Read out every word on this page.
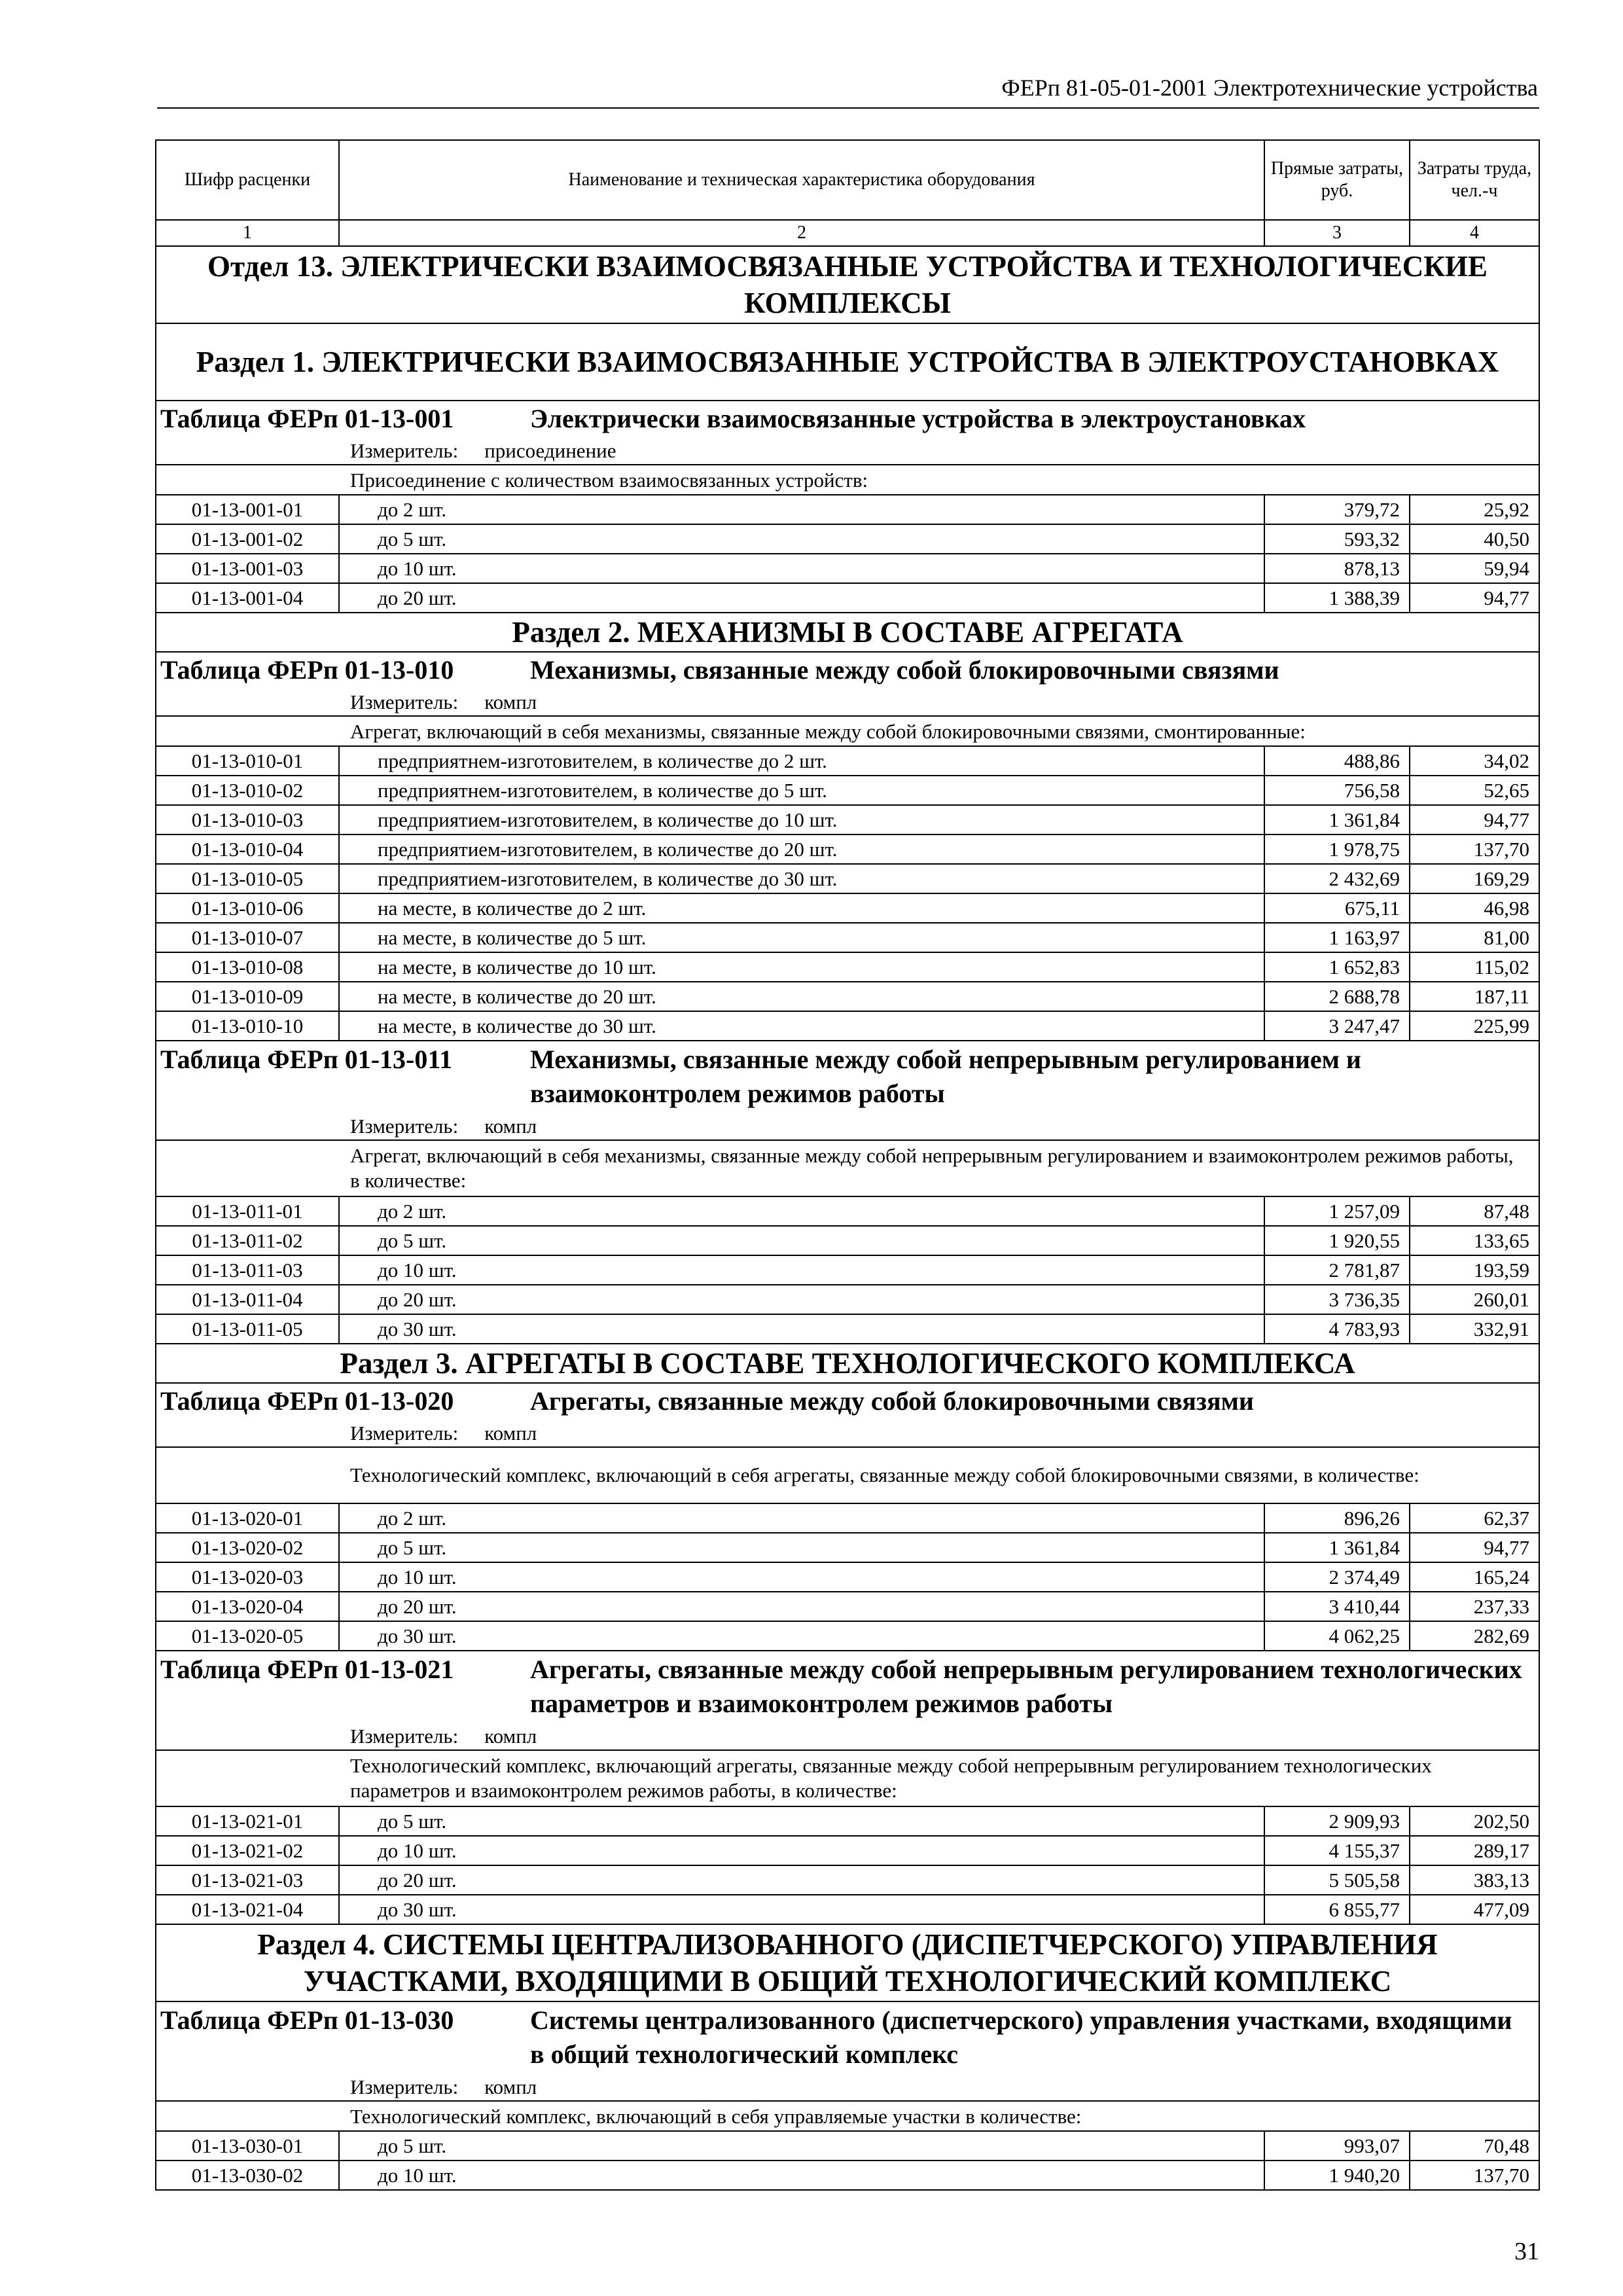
ФЕРп 81-05-01-2001 Электротехнические устройства
Шифр расценки	Наименование и техническая характеристика оборудования	Прямые затраты, руб.	Затраты труда, чел.-ч
1	2	3	4
Отдел 13. ЭЛЕКТРИЧЕСКИ ВЗАИМОСВЯЗАННЫЕ УСТРОЙСТВА И ТЕХНОЛОГИЧЕСКИЕ КОМПЛЕКСЫ			
Раздел 1. ЭЛЕКТРИЧЕСКИ ВЗАИМОСВЯЗАННЫЕ УСТРОЙСТВА В ЭЛЕКТРОУСТАНОВКАХ			
Таблица ФЕРп 01-13-001 Электрически взаимосвязанные устройства в электроустановках			

Измеритель: присоединение			

Присоединение с количеством взаимосвязанных устройств:			

01-13-001-01	до 2 шт.	379,72	25,92
01-13-001-02	до 5 шт.	593,32	40,50
01-13-001-03	до 10 шт.	878,13	59,94
01-13-001-04	до 20 шт.	1 388,39	94,77
Раздел 2. МЕХАНИЗМЫ В СОСТАВЕ АГРЕГАТА			
Таблица ФЕРп 01-13-010 Механизмы, связанные между собой блокировочными связями			

Измеритель: компл			

Агрегат, включающий в себя механизмы, связанные между собой блокировочными связями, смонтированные:			

01-13-010-01	предприятнем-изготовителем, в количестве до 2 шт.	488,86	34,02
01-13-010-02	предприятнем-изготовителем, в количестве до 5 шт.	756,58	52,65
01-13-010-03	предприятием-изготовителем, в количестве до 10 шт.	1 361,84	94,77
01-13-010-04	предприятием-изготовителем, в количестве до 20 шт.	1 978,75	137,70
01-13-010-05	предприятием-изготовителем, в количестве до 30 шт.	2 432,69	169,29
01-13-010-06	на месте, в количестве до 2 шт.	675,11	46,98
01-13-010-07	на месте, в количестве до 5 шт.	1 163,97	81,00
01-13-010-08	на месте, в количестве до 10 шт.	1 652,83	115,02
01-13-010-09	на месте, в количестве до 20 шт.	2 688,78	187,11
01-13-010-10	на месте, в количестве до 30 шт.	3 247,47	225,99
Таблица ФЕРп 01-13-011 Механизмы, связанные между собой непрерывным регулированием и взаимоконтролем режимов работы			

Измеритель: компл			

Агрегат, включающий в себя механизмы, связанные между собой непрерывным регулированием и взаимоконтролем режимов работы, в количестве:			

01-13-011-01	до 2 шт.	1 257,09	87,48
01-13-011-02	до 5 шт.	1 920,55	133,65
01-13-011-03	до 10 шт.	2 781,87	193,59
01-13-011-04	до 20 шт.	3 736,35	260,01
01-13-011-05	до 30 шт.	4 783,93	332,91
Раздел 3. АГРЕГАТЫ В СОСТАВЕ ТЕХНОЛОГИЧЕСКОГО КОМПЛЕКСА			
Таблица ФЕРп 01-13-020 Агрегаты, связанные между собой блокировочными связями			

Измеритель: компл			

Технологический комплекс, включающий в себя агрегаты, связанные между собой блокировочными связями, в количестве:			

01-13-020-01	до 2 шт.	896,26	62,37
01-13-020-02	до 5 шт.	1 361,84	94,77
01-13-020-03	до 10 шт.	2 374,49	165,24
01-13-020-04	до 20 шт.	3 410,44	237,33
01-13-020-05	до 30 шт.	4 062,25	282,69
Таблица ФЕРп 01-13-021 Агрегаты, связанные между собой непрерывным регулированием технологических параметров и взаимоконтролем режимов работы			

Измеритель: компл			

Технологический комплекс, включающий агрегаты, связанные между собой непрерывным регулированием технологических параметров и взаимоконтролем режимов работы, в количестве:			

01-13-021-01	до 5 шт.	2 909,93	202,50
01-13-021-02	до 10 шт.	4 155,37	289,17
01-13-021-03	до 20 шт.	5 505,58	383,13
01-13-021-04	до 30 шт.	6 855,77	477,09
Раздел 4. СИСТЕМЫ ЦЕНТРАЛИЗОВАННОГО (ДИСПЕТЧЕРСКОГО) УПРАВЛЕНИЯ УЧАСТКАМИ, ВХОДЯЩИМИ В ОБЩИЙ ТЕХНОЛОГИЧЕСКИЙ КОМПЛЕКС			
Таблица ФЕРп 01-13-030 Системы централизованного (диспетчерского) управления участками, входящими в общий технологический комплекс			

Измеритель: компл			

Технологический комплекс, включающий в себя управляемые участки в количестве:			

01-13-030-01	до 5 шт.	993,07	70,48
01-13-030-02	до 10 шт.	1 940,20	137,70
31
